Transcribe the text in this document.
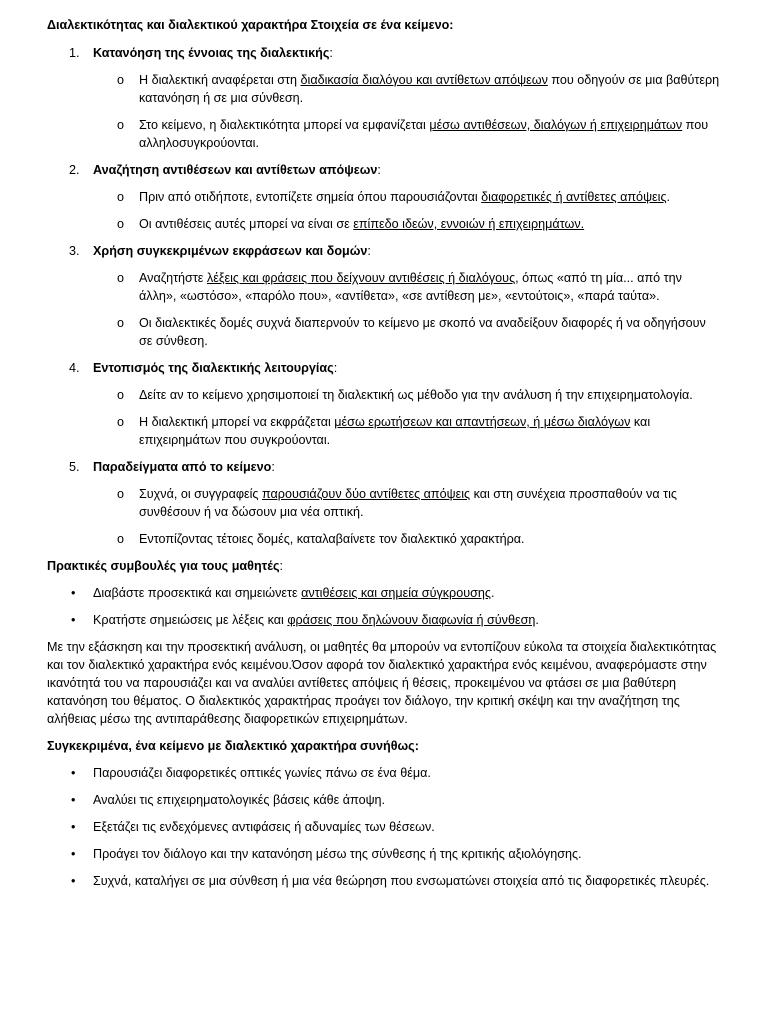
Διαλεκτικότητας και διαλεκτικού χαρακτήρα Στοιχεία σε ένα κείμενο:
1. Κατανόηση της έννοιας της διαλεκτικής:
o Η διαλεκτική αναφέρεται στη διαδικασία διαλόγου και αντίθετων απόψεων που οδηγούν σε μια βαθύτερη κατανόηση ή σε μια σύνθεση.
o Στο κείμενο, η διαλεκτικότητα μπορεί να εμφανίζεται μέσω αντιθέσεων, διαλόγων ή επιχειρημάτων που αλληλοσυγκρούονται.
2. Αναζήτηση αντιθέσεων και αντίθετων απόψεων:
o Πριν από οτιδήποτε, εντοπίζετε σημεία όπου παρουσιάζονται διαφορετικές ή αντίθετες απόψεις.
o Οι αντιθέσεις αυτές μπορεί να είναι σε επίπεδο ιδεών, εννοιών ή επιχειρημάτων.
3. Χρήση συγκεκριμένων εκφράσεων και δομών:
o Αναζητήστε λέξεις και φράσεις που δείχνουν αντιθέσεις ή διαλόγους, όπως «από τη μία... από την άλλη», «ωστόσο», «παρόλο που», «αντίθετα», «σε αντίθεση με», «εντούτοις», «παρά ταύτα».
o Οι διαλεκτικές δομές συχνά διαπερνούν το κείμενο με σκοπό να αναδείξουν διαφορές ή να οδηγήσουν σε σύνθεση.
4. Εντοπισμός της διαλεκτικής λειτουργίας:
o Δείτε αν το κείμενο χρησιμοποιεί τη διαλεκτική ως μέθοδο για την ανάλυση ή την επιχειρηματολογία.
o Η διαλεκτική μπορεί να εκφράζεται μέσω ερωτήσεων και απαντήσεων, ή μέσω διαλόγων και επιχειρημάτων που συγκρούονται.
5. Παραδείγματα από το κείμενο:
o Συχνά, οι συγγραφείς παρουσιάζουν δύο αντίθετες απόψεις και στη συνέχεια προσπαθούν να τις συνθέσουν ή να δώσουν μια νέα οπτική.
o Εντοπίζοντας τέτοιες δομές, καταλαβαίνετε τον διαλεκτικό χαρακτήρα.
Πρακτικές συμβουλές για τους μαθητές:
• Διαβάστε προσεκτικά και σημειώνετε αντιθέσεις και σημεία σύγκρουσης.
• Κρατήστε σημειώσεις με λέξεις και φράσεις που δηλώνουν διαφωνία ή σύνθεση.
Με την εξάσκηση και την προσεκτική ανάλυση, οι μαθητές θα μπορούν να εντοπίζουν εύκολα τα στοιχεία διαλεκτικότητας και τον διαλεκτικό χαρακτήρα ενός κειμένου.Όσον αφορά τον διαλεκτικό χαρακτήρα ενός κειμένου, αναφερόμαστε στην ικανότητά του να παρουσιάζει και να αναλύει αντίθετες απόψεις ή θέσεις, προκειμένου να φτάσει σε μια βαθύτερη κατανόηση του θέματος. Ο διαλεκτικός χαρακτήρας προάγει τον διάλογο, την κριτική σκέψη και την αναζήτηση της αλήθειας μέσω της αντιπαράθεσης διαφορετικών επιχειρημάτων.
Συγκεκριμένα, ένα κείμενο με διαλεκτικό χαρακτήρα συνήθως:
• Παρουσιάζει διαφορετικές οπτικές γωνίες πάνω σε ένα θέμα.
• Αναλύει τις επιχειρηματολογικές βάσεις κάθε άποψη.
• Εξετάζει τις ενδεχόμενες αντιφάσεις ή αδυναμίες των θέσεων.
• Προάγει τον διάλογο και την κατανόηση μέσω της σύνθεσης ή της κριτικής αξιολόγησης.
• Συχνά, καταλήγει σε μια σύνθεση ή μια νέα θεώρηση που ενσωματώνει στοιχεία από τις διαφορετικές πλευρές.
